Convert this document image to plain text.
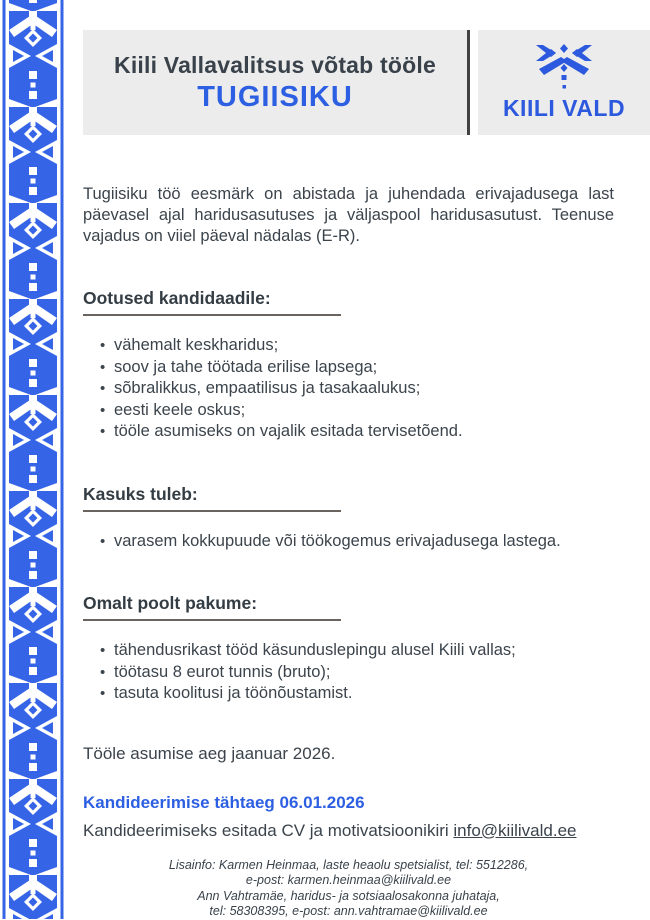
Kiili Vallavalitsus võtab tööle
TUGIISIKU	KIILI VALD

Tugiisiku töö eesmärk on abistada ja juhendada erivajadusega last päevasel ajal haridusasutuses ja väljaspool haridusasutust. Teenuse vajadus on viiel päeval nädalas (E-R).

Ootused kandidaadile:
• vähemalt keskharidus;
• soov ja tahe töötada erilise lapsega;
• sõbralikkus, empaatilisus ja tasakaalukus;
• eesti keele oskus;
• tööle asumiseks on vajalik esitada tervisetõend.
Kasuks tuleb:
• varasem kokkupuude või töökogemus erivajadusega lastega.
Omalt poolt pakume:
• tähendusrikast tööd käsunduslepingu alusel Kiili vallas;
• töötasu 8 eurot tunnis (bruto);
• tasuta koolitusi ja töönõustamist.

Tööle asumise aeg jaanuar 2026.

Kandideerimise tähtaeg 06.01.2026

Kandideerimiseks esitada CV ja motivatsioonikiri info@kiilivald.ee

Lisainfo: Karmen Heinmaa, laste heaolu spetsialist, tel: 5512286,
e-post: karmen.heinmaa@kiilivald.ee
Ann Vahtramäe, haridus- ja sotsiaalosakonna juhataja,
tel: 58308395, e-post: ann.vahtramae@kiilivald.ee
